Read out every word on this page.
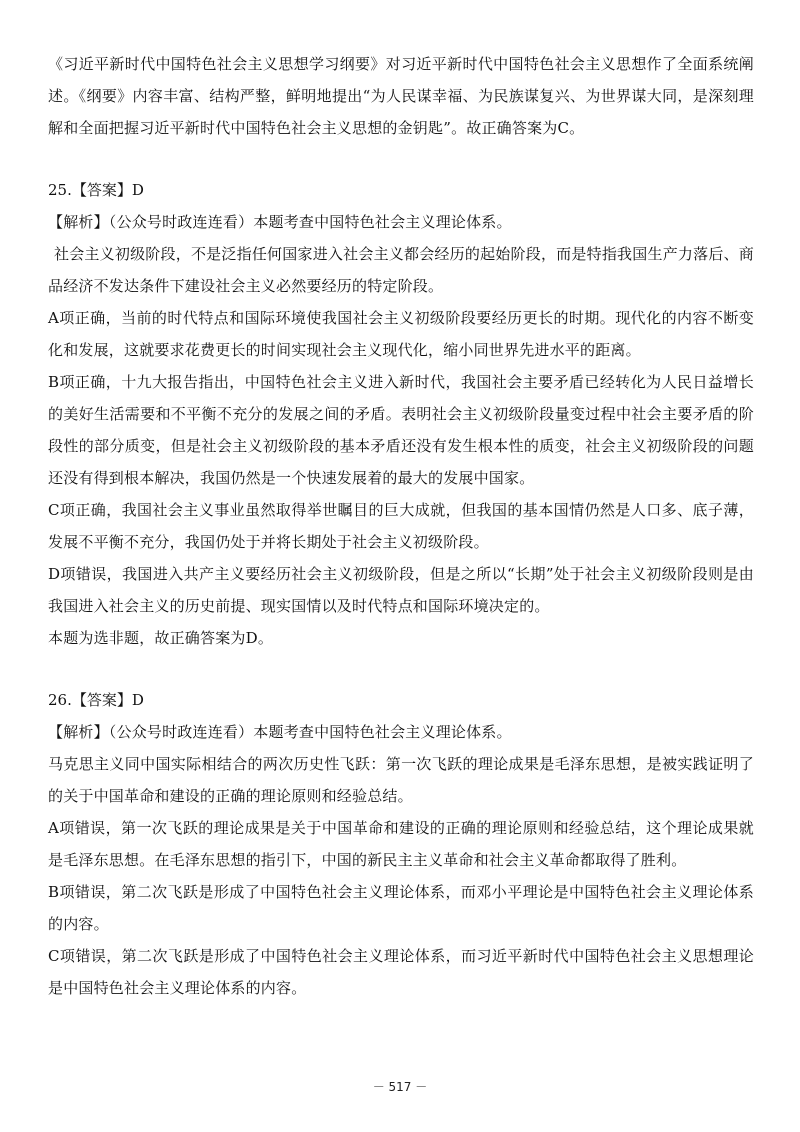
《习近平新时代中国特色社会主义思想学习纲要》对习近平新时代中国特色社会主义思想作了全面系统阐述。《纲要》内容丰富、结构严整，鲜明地提出“为人民谋幸福、为民族谋复兴、为世界谋大同，是深刻理解和全面把握习近平新时代中国特色社会主义思想的金钥匙”。故正确答案为C。

25.【答案】D

【解析】（公众号时政连连看）本题考查中国特色社会主义理论体系。

社会主义初级阶段，不是泛指任何国家进入社会主义都会经历的起始阶段，而是特指我国生产力落后、商品经济不发达条件下建设社会主义必然要经历的特定阶段。

A项正确，当前的时代特点和国际环境使我国社会主义初级阶段要经历更长的时期。现代化的内容不断变化和发展，这就要求花费更长的时间实现社会主义现代化，缩小同世界先进水平的距离。

B项正确，十九大报告指出，中国特色社会主义进入新时代，我国社会主要矛盾已经转化为人民日益增长的美好生活需要和不平衡不充分的发展之间的矛盾。表明社会主义初级阶段量变过程中社会主要矛盾的阶段性的部分质变，但是社会主义初级阶段的基本矛盾还没有发生根本性的质变，社会主义初级阶段的问题还没有得到根本解决，我国仍然是一个快速发展着的最大的发展中国家。

C项正确，我国社会主义事业虽然取得举世瞩目的巨大成就，但我国的基本国情仍然是人口多、底子薄，发展不平衡不充分，我国仍处于并将长期处于社会主义初级阶段。

D项错误，我国进入共产主义要经历社会主义初级阶段，但是之所以“长期”处于社会主义初级阶段则是由我国进入社会主义的历史前提、现实国情以及时代特点和国际环境决定的。

本题为选非题，故正确答案为D。

26.【答案】D

【解析】（公众号时政连连看）本题考查中国特色社会主义理论体系。

马克思主义同中国实际相结合的两次历史性飞跃：第一次飞跃的理论成果是毛泽东思想，是被实践证明了的关于中国革命和建设的正确的理论原则和经验总结。

A项错误，第一次飞跃的理论成果是关于中国革命和建设的正确的理论原则和经验总结，这个理论成果就是毛泽东思想。在毛泽东思想的指引下，中国的新民主主义革命和社会主义革命都取得了胜利。

B项错误，第二次飞跃是形成了中国特色社会主义理论体系，而邓小平理论是中国特色社会主义理论体系的内容。

C项错误，第二次飞跃是形成了中国特色社会主义理论体系，而习近平新时代中国特色社会主义思想理论是中国特色社会主义理论体系的内容。

－ 517 －
